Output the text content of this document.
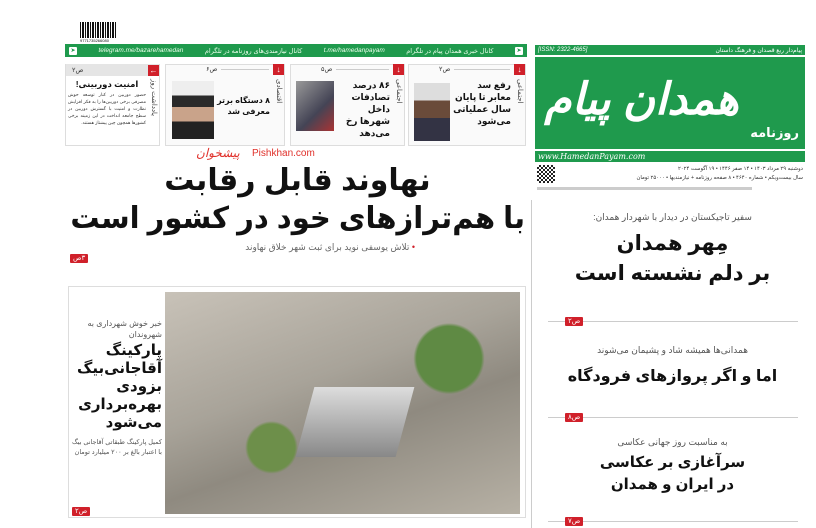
9771735266080
➤	telegram.me/bazarehamedan	کانال نیازمندی‌های روزنامه در تلگرام	t.me/hamedanpayam	کانال خبری همدان پیام در تلگرام	➤
۲ص	↓
اجتماعی
رفع سد معابر تا پایان سال عملیاتی می‌شود
۵ص	↓
اجتماعی
۸۶ درصد تصادفات داخل شهرها رخ می‌دهد
۶ص	↓
اقتصادی
۸ دستگاه برتر معرفی شد
۲ص	←
یادداشت روز
امنیت دوربینی!
حضور دوربین در کنار توسعه حوش مصرفی برخی دوربین‌ها را به فکر افزایش نظارت و امنیت با گسترش دوربین در سطح جامعه انداخت در این زمینه برخی کشورها همچون چین پیشتاز هستند.
پیشخوان Pishkhan.com
نهاوند قابل رقابت
با هم‌ترازهای خود در کشور است
• تلاش یوسفی نوید برای ثبت شهر خلاق نهاوند
۳ص
خبر خوش شهرداری به شهروندان
پارکینگ آقاجانی‌بیگ بزودی بهره‌برداری می‌شود
کمیل پارکینگ طبقاتی آقاجانی بیگ با اعتبار بالغ بر ۲۰۰ میلیارد تومان
۲ص
[ISSN: 2322-4665]	پیام‌دار ربع قصدان و فرهنگ داستان
روزنامه
همدان پیام
www.HamedanPayam.com
دوشنبه ۲۹ مرداد ۱۴۰۳ • ۱۴ صفر ۱۴۴۶ • ۱۹ آگوست ۲۰۲۴
سال بیست‌ویکم • شماره ۴۶۴۰ • ۸ صفحه روزنامه + نیازمندیها • ۲۵۰۰۰ تومان
سفیر تاجیکستان در دیدار با شهردار همدان:
مِهر همدان
بر دلم نشسته است
۲ص
همدانی‌ها همیشه شاد و پشیمان می‌شوند
اما و اگر پروازهای فرودگاه
۸ص
به مناسبت روز جهانی عکاسی
سرآغازی بر عکاسی
در ایران و همدان
۷ص
